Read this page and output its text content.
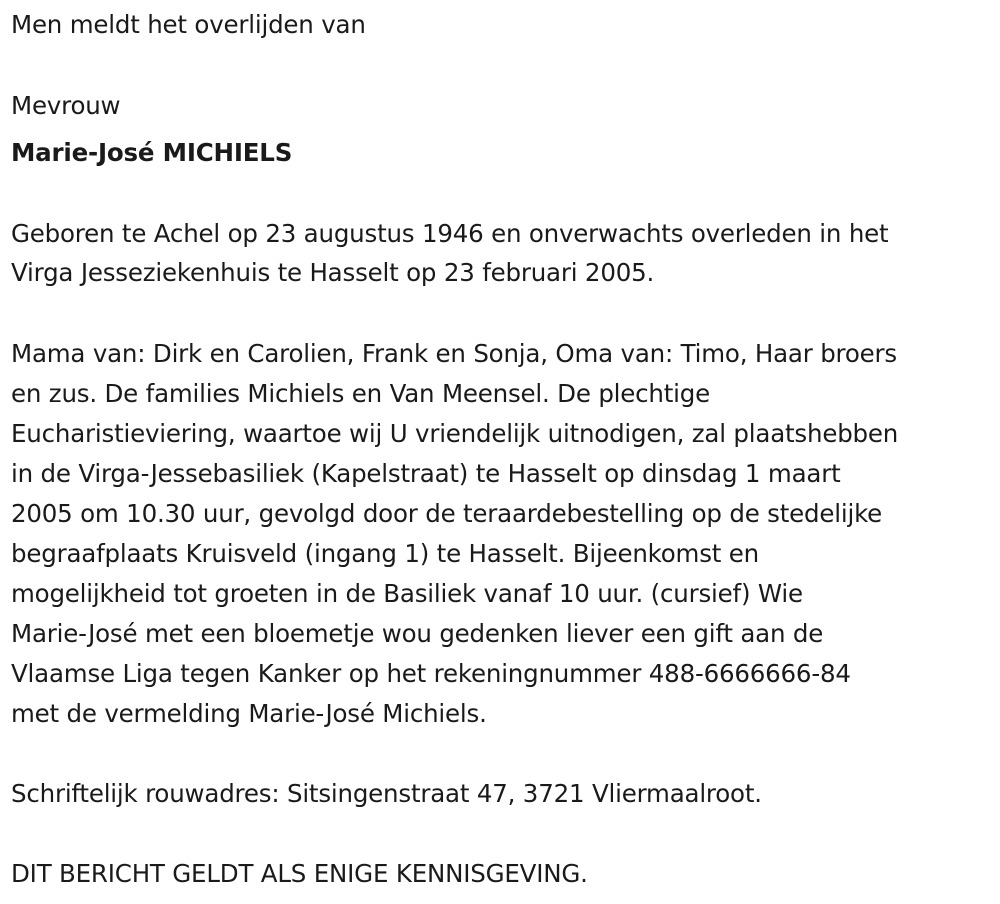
Men meldt het overlijden van

Mevrouw

Marie-José MICHIELS

Geboren te Achel op 23 augustus 1946 en onverwachts overleden in het

Virga Jesseziekenhuis te Hasselt op 23 februari 2005.

Mama van: Dirk en Carolien, Frank en Sonja, Oma van: Timo, Haar broers

en zus. De families Michiels en Van Meensel. De plechtige

Eucharistieviering, waartoe wij U vriendelijk uitnodigen, zal plaatshebben

in de Virga-Jessebasiliek (Kapelstraat) te Hasselt op dinsdag 1 maart

2005 om 10.30 uur, gevolgd door de teraardebestelling op de stedelijke

begraafplaats Kruisveld (ingang 1) te Hasselt. Bijeenkomst en

mogelijkheid tot groeten in de Basiliek vanaf 10 uur. (cursief) Wie

Marie-José met een bloemetje wou gedenken liever een gift aan de

Vlaamse Liga tegen Kanker op het rekeningnummer 488-6666666-84

met de vermelding Marie-José Michiels.

Schriftelijk rouwadres: Sitsingenstraat 47, 3721 Vliermaalroot.

DIT BERICHT GELDT ALS ENIGE KENNISGEVING.
